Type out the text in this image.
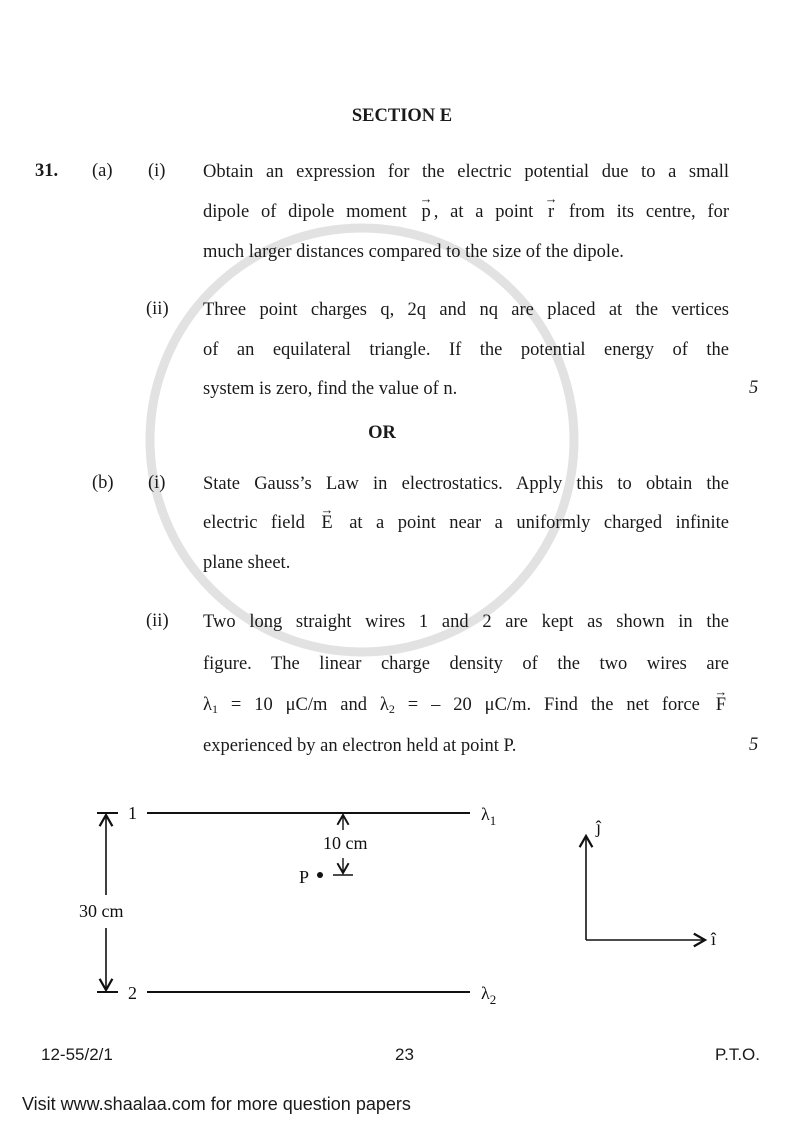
SECTION E
31. (a) (i) Obtain an expression for the electric potential due to a small
dipole of dipole moment → p , at a point → r from its centre, for
much larger distances compared to the size of the dipole.
(ii) Three point charges q, 2q and nq are placed at the vertices
of an equilateral triangle. If the potential energy of the
system is zero, find the value of n.	5
OR
(b) (i) State Gauss’s Law in electrostatics. Apply this to obtain the
electric field → E at a point near a uniformly charged infinite
plane sheet.
(ii) Two long straight wires 1 and 2 are kept as shown in the
figure. The linear charge density of the two wires are
$\lambda_1 = 10$ μC/m and $\lambda_2$ = – 20 μC/m. Find the net force → F
experienced by an electron held at point P.	5
30 cm
1
2
$\lambda_1$
$\lambda_2$
10 cm
P
ĵ
î
12-55/2/1	23	P.T.O.
Visit www.shaalaa.com for more question papers
